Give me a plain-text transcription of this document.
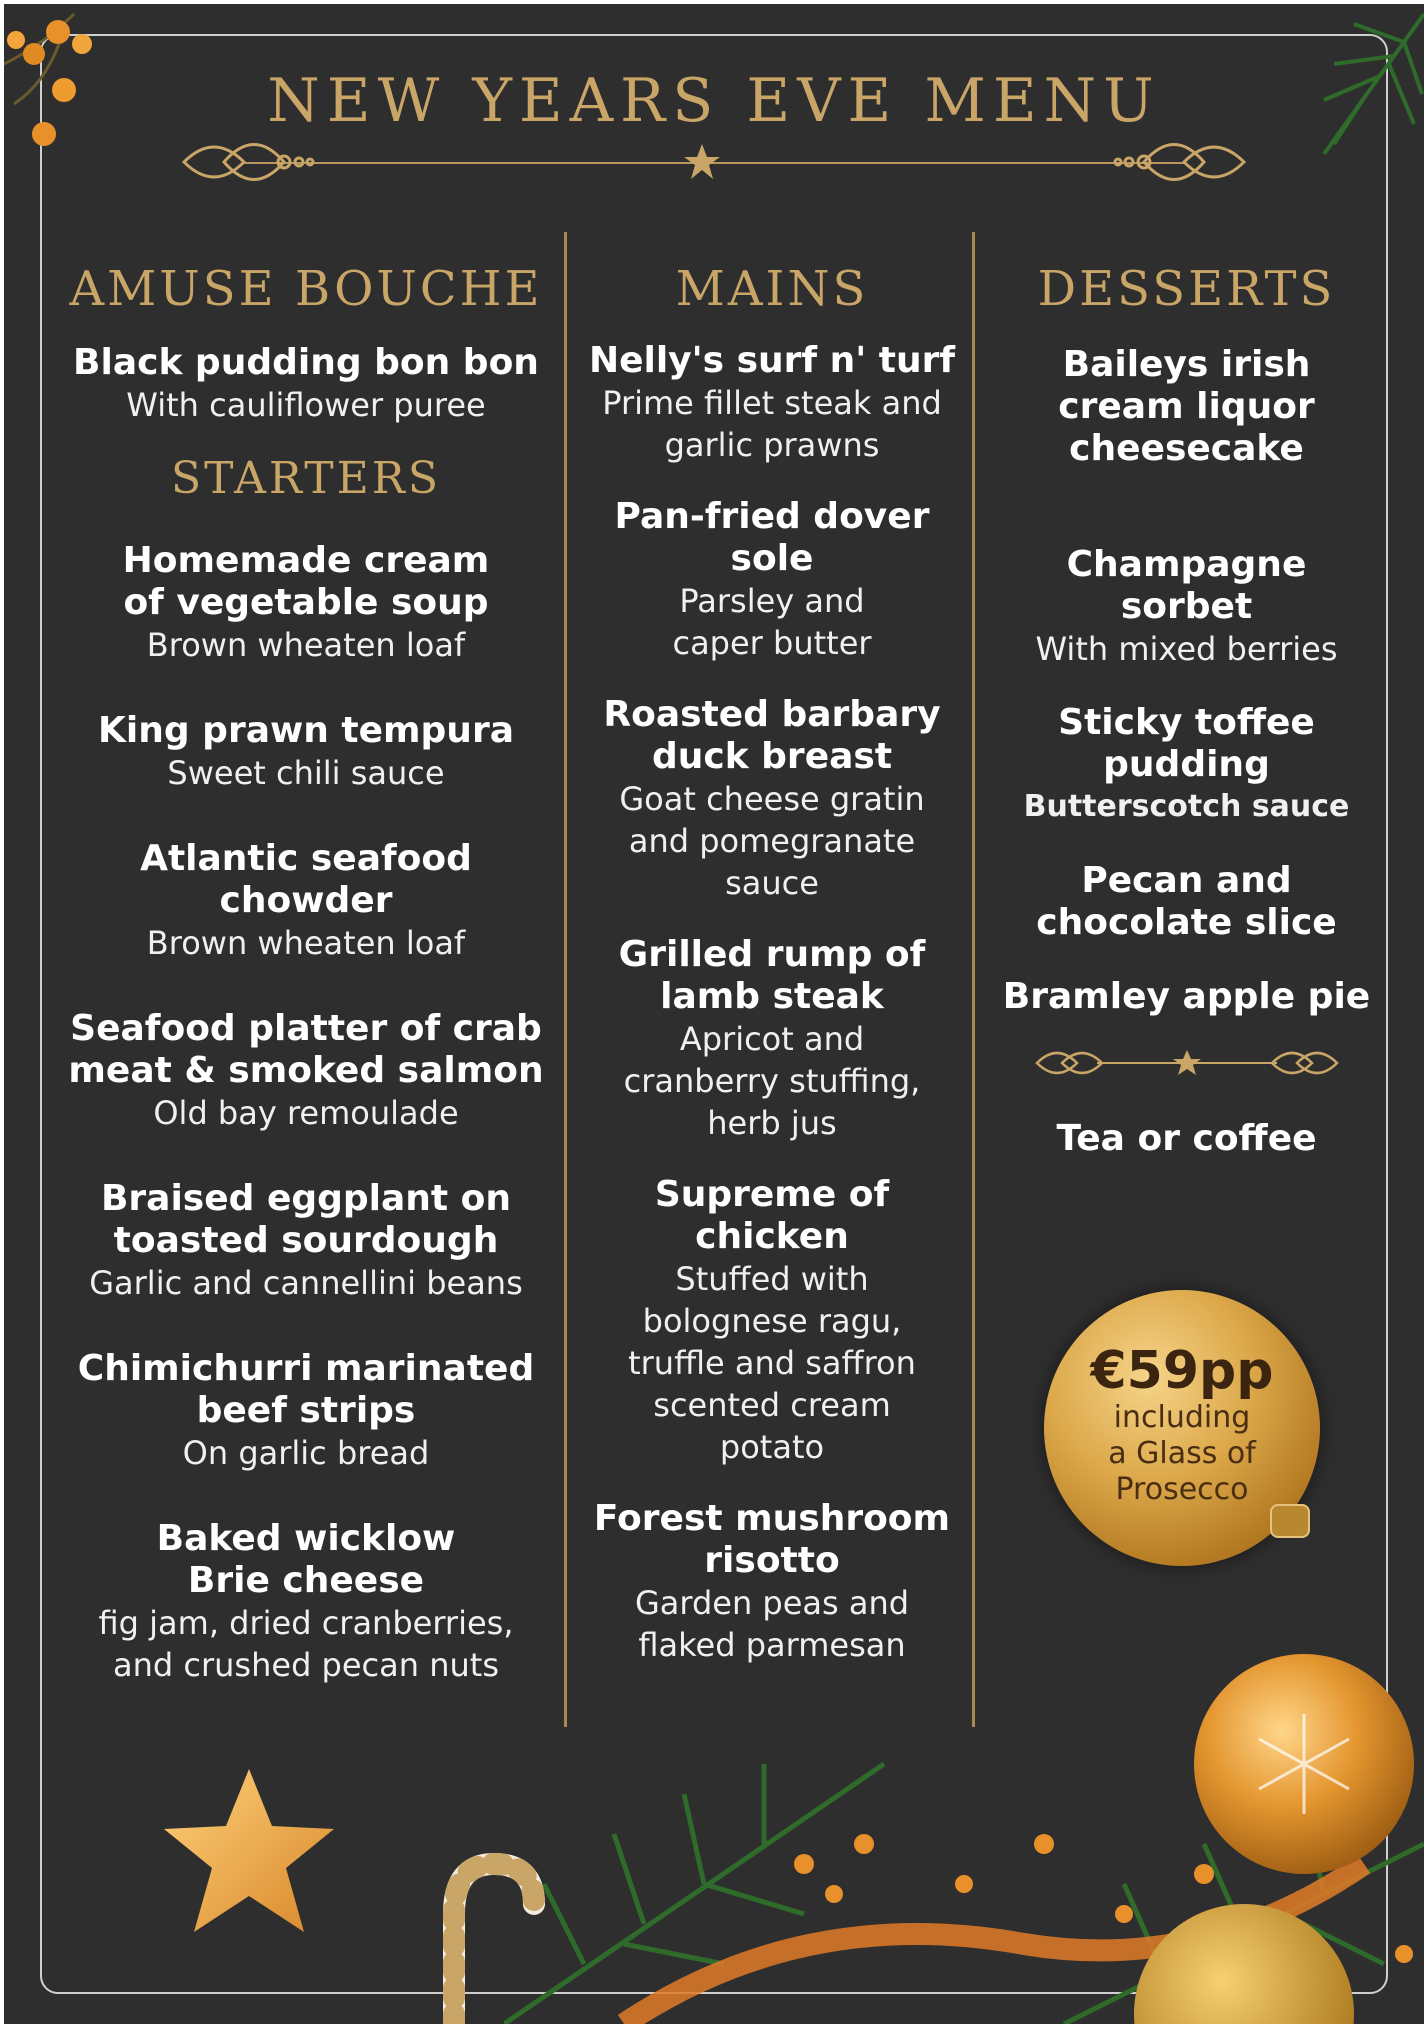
NEW YEARS EVE MENU
AMUSE BOUCHE
Black pudding bon bon
With cauliflower puree
STARTERS
Homemade cream
of vegetable soup
Brown wheaten loaf
King prawn tempura
Sweet chili sauce
Atlantic seafood
chowder
Brown wheaten loaf
Seafood platter of crab
meat & smoked salmon
Old bay remoulade
Braised eggplant on
toasted sourdough
Garlic and cannellini beans
Chimichurri marinated
beef strips
On garlic bread
Baked wicklow
Brie cheese
fig jam, dried cranberries,
and crushed pecan nuts
MAINS
Nelly's surf n' turf
Prime fillet steak and
garlic prawns
Pan-fried dover
sole
Parsley and
caper butter
Roasted barbary
duck breast
Goat cheese gratin
and pomegranate
sauce
Grilled rump of
lamb steak
Apricot and
cranberry stuffing,
herb jus
Supreme of
chicken
Stuffed with
bolognese ragu,
truffle and saffron
scented cream
potato
Forest mushroom
risotto
Garden peas and
flaked parmesan
DESSERTS
Baileys irish
cream liquor
cheesecake
Champagne
sorbet
With mixed berries
Sticky toffee
pudding
Butterscotch sauce
Pecan and
chocolate slice
Bramley apple pie
Tea or coffee
€59pp
including
a Glass of
Prosecco
